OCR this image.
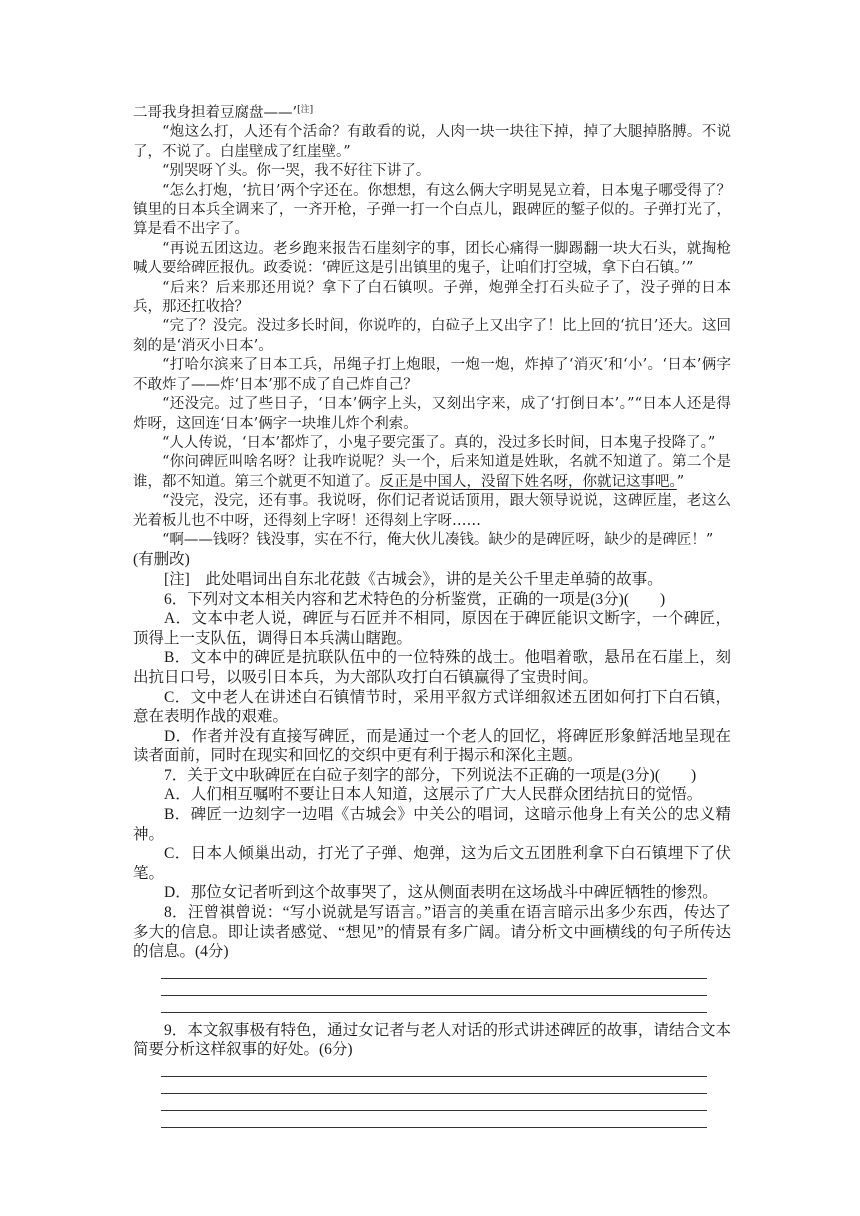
二哥我身担着豆腐盘——’[注]

“炮这么打，人还有个活命？有敢看的说，人肉一块一块往下掉，掉了大腿掉胳膊。不说了，不说了。白崖壁成了红崖壁。”

“别哭呀丫头。你一哭，我不好往下讲了。

“怎么打炮，‘抗日’两个字还在。你想想，有这么俩大字明晃晃立着，日本鬼子哪受得了？镇里的日本兵全调来了，一齐开枪，子弹一打一个白点儿，跟碑匠的錾子似的。子弹打光了，算是看不出字了。

“再说五团这边。老乡跑来报告石崖刻字的事，团长心痛得一脚踢翻一块大石头，就掏枪喊人要给碑匠报仇。政委说：‘碑匠这是引出镇里的鬼子，让咱们打空城，拿下白石镇。’”

“后来？后来那还用说？拿下了白石镇呗。子弹，炮弹全打石头砬子了，没子弹的日本兵，那还扛收拾？

“完了？没完。没过多长时间，你说咋的，白砬子上又出字了！比上回的‘抗日’还大。这回刻的是‘消灭小日本’。

“打哈尔滨来了日本工兵，吊绳子打上炮眼，一炮一炮，炸掉了‘消灭’和‘小’。‘日本’俩字不敢炸了——炸‘日本’那不成了自己炸自己？

“还没完。过了些日子，‘日本’俩字上头，又刻出字来，成了‘打倒日本’。”“日本人还是得炸呀，这回连‘日本’俩字一块堆儿炸个利索。

“人人传说，‘日本’都炸了，小鬼子要完蛋了。真的，没过多长时间，日本鬼子投降了。”

“你问碑匠叫啥名呀？让我咋说呢？头一个，后来知道是姓耿，名就不知道了。第二个是谁，都不知道。第三个就更不知道了。反正是中国人，没留下姓名呀，你就记这事吧。”

“没完，没完，还有事。我说呀，你们记者说话顶用，跟大领导说说，这碑匠崖，老这么光着板儿也不中呀，还得刻上字呀！还得刻上字呀……

“啊——钱呀？钱没事，实在不行，俺大伙儿凑钱。缺少的是碑匠呀，缺少的是碑匠！”

(有删改)

[注]　 此处唱词出自东北花鼓《古城会》，讲的是关公千里走单骑的故事。

6．下列对文本相关内容和艺术特色的分析鉴赏，正确的一项是(3分)(　　)

A．文本中老人说，碑匠与石匠并不相同，原因在于碑匠能识文断字，一个碑匠，顶得上一支队伍，调得日本兵满山瞎跑。

B．文本中的碑匠是抗联队伍中的一位特殊的战士。他唱着歌，悬吊在石崖上，刻出抗日口号，以吸引日本兵，为大部队攻打白石镇赢得了宝贵时间。

C．文中老人在讲述白石镇情节时，采用平叙方式详细叙述五团如何打下白石镇，意在表明作战的艰难。

D．作者并没有直接写碑匠，而是通过一个老人的回忆，将碑匠形象鲜活地呈现在读者面前，同时在现实和回忆的交织中更有利于揭示和深化主题。

7．关于文中耿碑匠在白砬子刻字的部分，下列说法不正确的一项是(3分)(　　)

A．人们相互嘱咐不要让日本人知道，这展示了广大人民群众团结抗日的觉悟。

B．碑匠一边刻字一边唱《古城会》中关公的唱词，这暗示他身上有关公的忠义精神。

C．日本人倾巢出动，打光了子弹、炮弹，这为后文五团胜利拿下白石镇埋下了伏笔。

D．那位女记者听到这个故事哭了，这从侧面表明在这场战斗中碑匠牺牲的惨烈。

8．汪曾祺曾说：“写小说就是写语言。”语言的美重在语言暗示出多少东西，传达了多大的信息。即让读者感觉、“想见”的情景有多广阔。请分析文中画横线的句子所传达的信息。(4分)

9．本文叙事极有特色，通过女记者与老人对话的形式讲述碑匠的故事，请结合文本简要分析这样叙事的好处。(6分)
